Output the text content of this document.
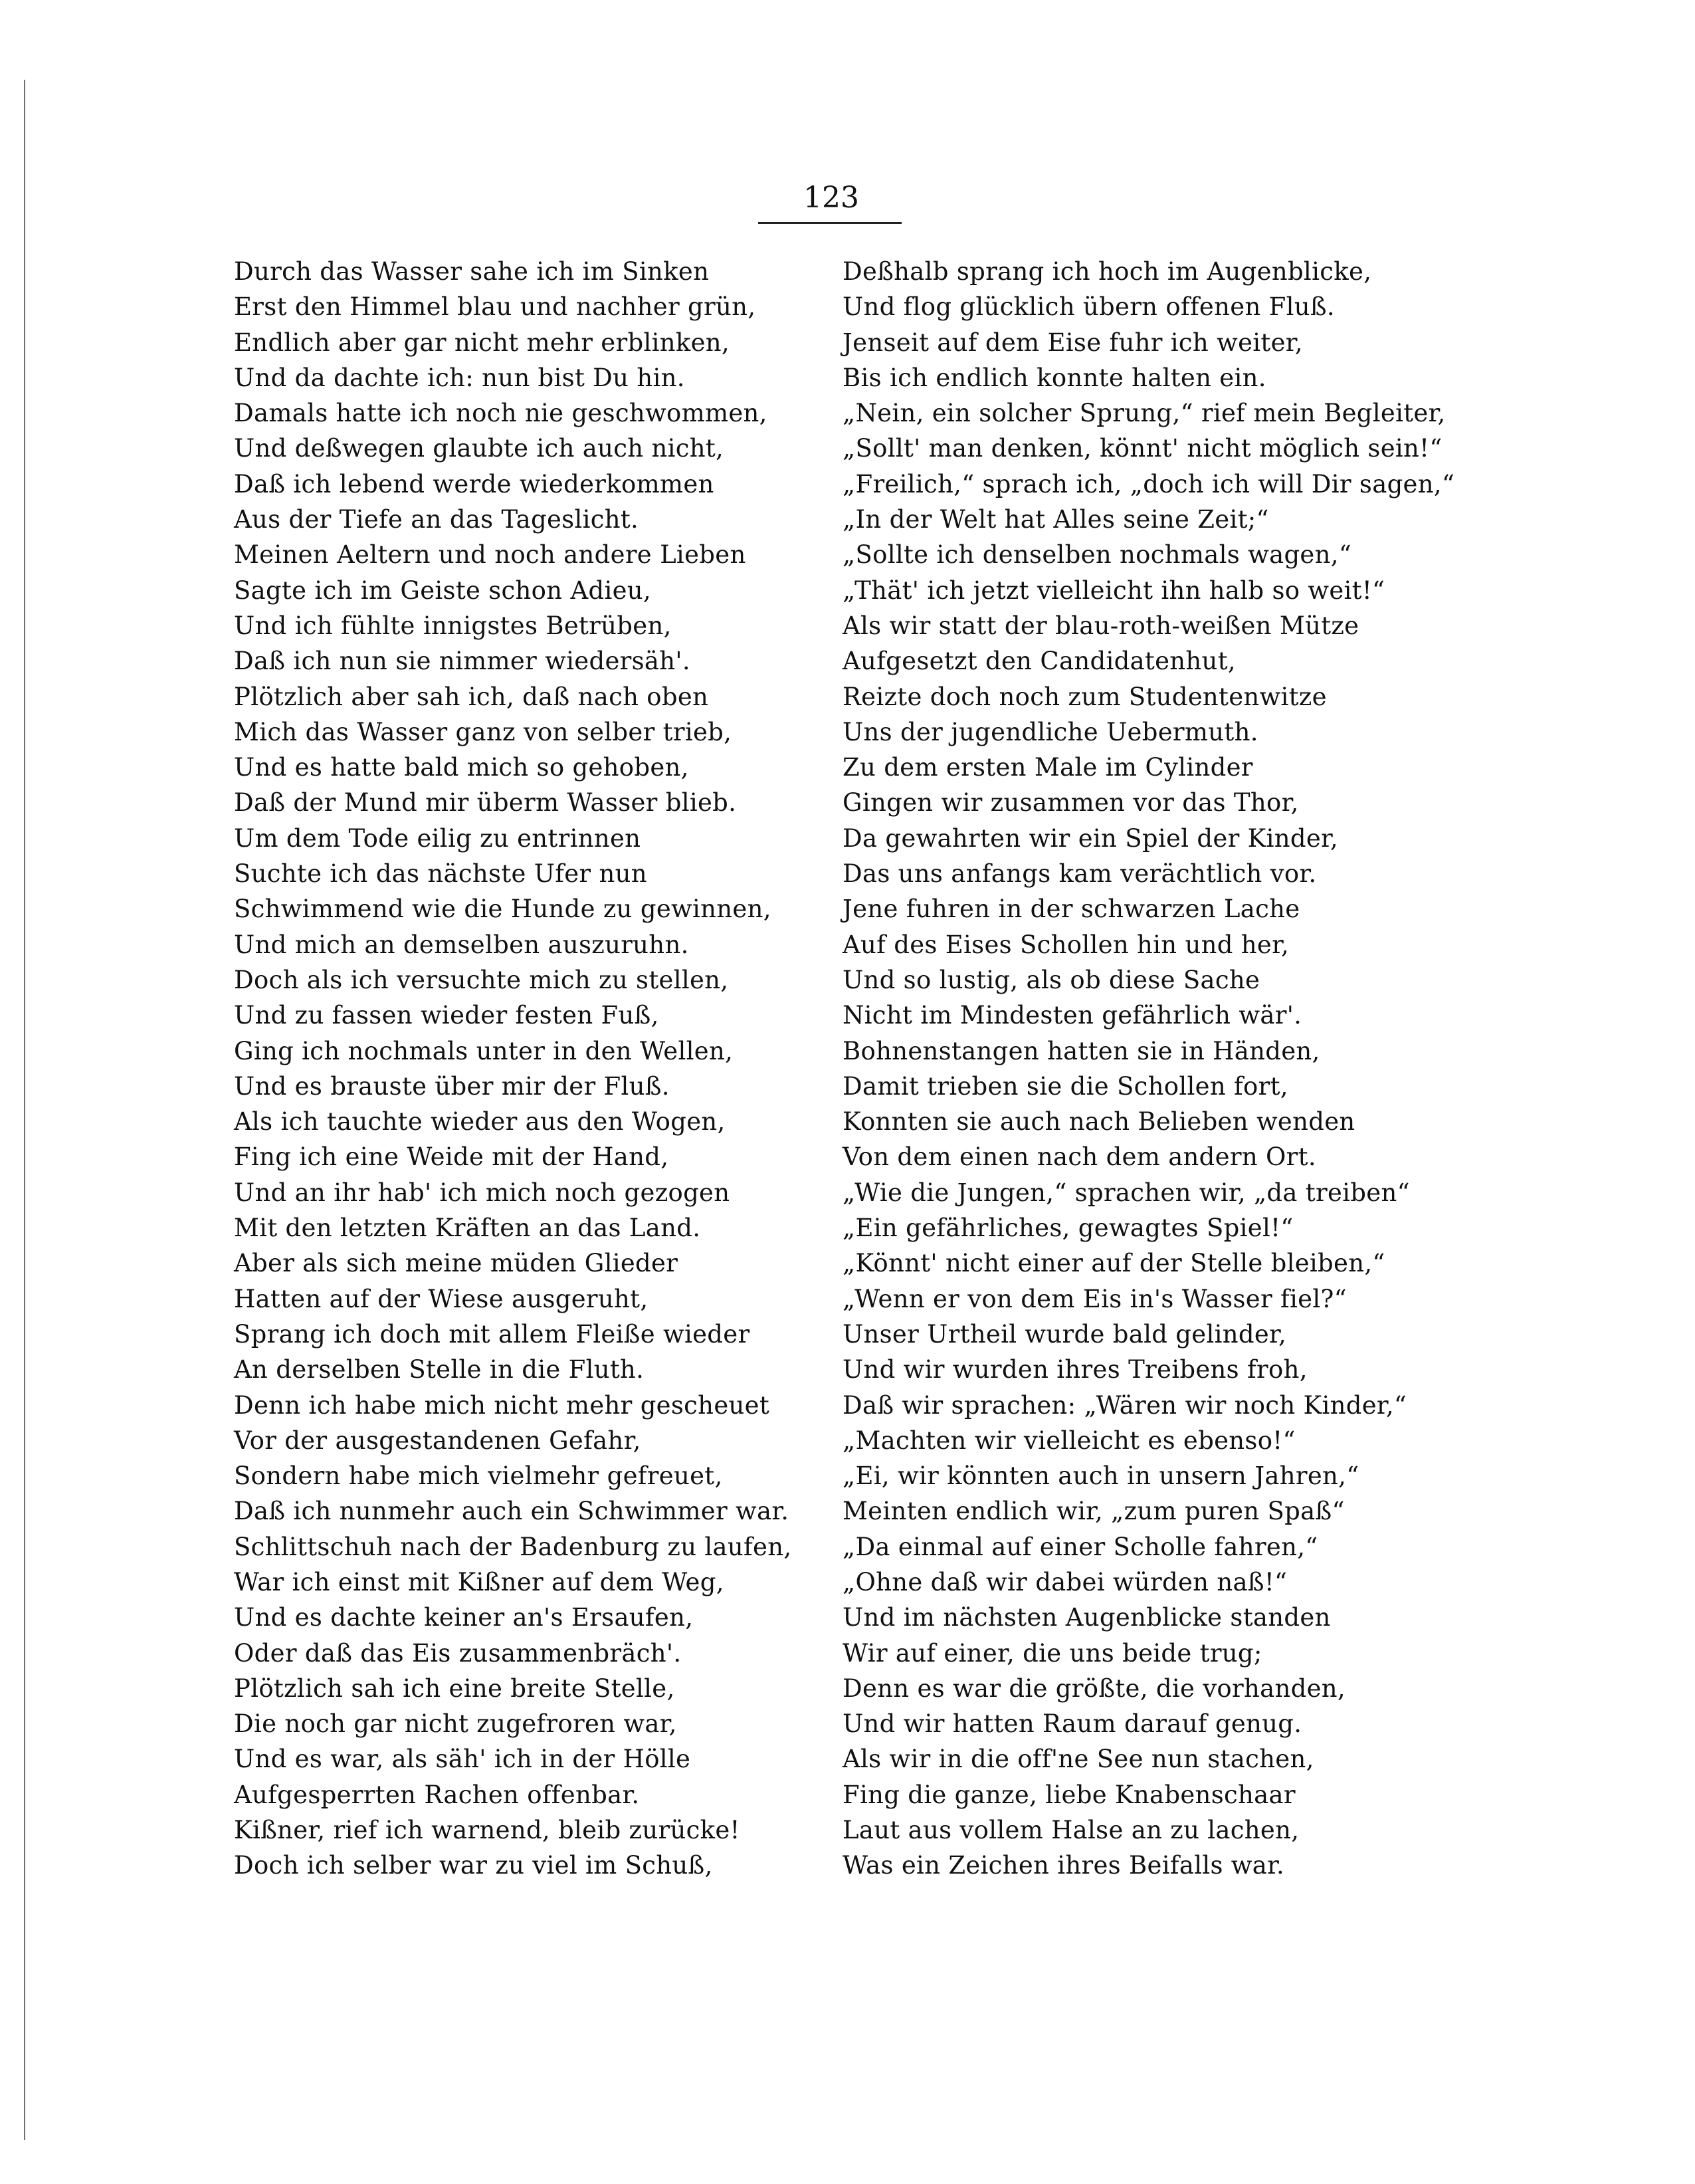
123
Durch das Wasser sahe ich im Sinken
Erst den Himmel blau und nachher grün,
Endlich aber gar nicht mehr erblinken,
Und da dachte ich: nun bist Du hin.
Damals hatte ich noch nie geschwommen,
Und deßwegen glaubte ich auch nicht,
Daß ich lebend werde wiederkommen
Aus der Tiefe an das Tageslicht.
Meinen Aeltern und noch andere Lieben
Sagte ich im Geiste schon Adieu,
Und ich fühlte innigstes Betrüben,
Daß ich nun sie nimmer wiedersäh'.
Plötzlich aber sah ich, daß nach oben
Mich das Wasser ganz von selber trieb,
Und es hatte bald mich so gehoben,
Daß der Mund mir überm Wasser blieb.
Um dem Tode eilig zu entrinnen
Suchte ich das nächste Ufer nun
Schwimmend wie die Hunde zu gewinnen,
Und mich an demselben auszuruhn.
Doch als ich versuchte mich zu stellen,
Und zu fassen wieder festen Fuß,
Ging ich nochmals unter in den Wellen,
Und es brauste über mir der Fluß.
Als ich tauchte wieder aus den Wogen,
Fing ich eine Weide mit der Hand,
Und an ihr hab' ich mich noch gezogen
Mit den letzten Kräften an das Land.
Aber als sich meine müden Glieder
Hatten auf der Wiese ausgeruht,
Sprang ich doch mit allem Fleiße wieder
An derselben Stelle in die Fluth.
Denn ich habe mich nicht mehr gescheuet
Vor der ausgestandenen Gefahr,
Sondern habe mich vielmehr gefreuet,
Daß ich nunmehr auch ein Schwimmer war.
Schlittschuh nach der Badenburg zu laufen,
War ich einst mit Kißner auf dem Weg,
Und es dachte keiner an's Ersaufen,
Oder daß das Eis zusammenbräch'.
Plötzlich sah ich eine breite Stelle,
Die noch gar nicht zugefroren war,
Und es war, als säh' ich in der Hölle
Aufgesperrten Rachen offenbar.
Kißner, rief ich warnend, bleib zurücke!
Doch ich selber war zu viel im Schuß,
Deßhalb sprang ich hoch im Augenblicke,
Und flog glücklich übern offenen Fluß.
Jenseit auf dem Eise fuhr ich weiter,
Bis ich endlich konnte halten ein.
„Nein, ein solcher Sprung,“ rief mein Begleiter,
„Sollt' man denken, könnt' nicht möglich sein!“
„Freilich,“ sprach ich, „doch ich will Dir sagen,“
„In der Welt hat Alles seine Zeit;“
„Sollte ich denselben nochmals wagen,“
„Thät' ich jetzt vielleicht ihn halb so weit!“
Als wir statt der blau-roth-weißen Mütze
Aufgesetzt den Candidatenhut,
Reizte doch noch zum Studentenwitze
Uns der jugendliche Uebermuth.
Zu dem ersten Male im Cylinder
Gingen wir zusammen vor das Thor,
Da gewahrten wir ein Spiel der Kinder,
Das uns anfangs kam verächtlich vor.
Jene fuhren in der schwarzen Lache
Auf des Eises Schollen hin und her,
Und so lustig, als ob diese Sache
Nicht im Mindesten gefährlich wär'.
Bohnenstangen hatten sie in Händen,
Damit trieben sie die Schollen fort,
Konnten sie auch nach Belieben wenden
Von dem einen nach dem andern Ort.
„Wie die Jungen,“ sprachen wir, „da treiben“
„Ein gefährliches, gewagtes Spiel!“
„Könnt' nicht einer auf der Stelle bleiben,“
„Wenn er von dem Eis in's Wasser fiel?“
Unser Urtheil wurde bald gelinder,
Und wir wurden ihres Treibens froh,
Daß wir sprachen: „Wären wir noch Kinder,“
„Machten wir vielleicht es ebenso!“
„Ei, wir könnten auch in unsern Jahren,“
Meinten endlich wir, „zum puren Spaß“
„Da einmal auf einer Scholle fahren,“
„Ohne daß wir dabei würden naß!“
Und im nächsten Augenblicke standen
Wir auf einer, die uns beide trug;
Denn es war die größte, die vorhanden,
Und wir hatten Raum darauf genug.
Als wir in die off'ne See nun stachen,
Fing die ganze, liebe Knabenschaar
Laut aus vollem Halse an zu lachen,
Was ein Zeichen ihres Beifalls war.
